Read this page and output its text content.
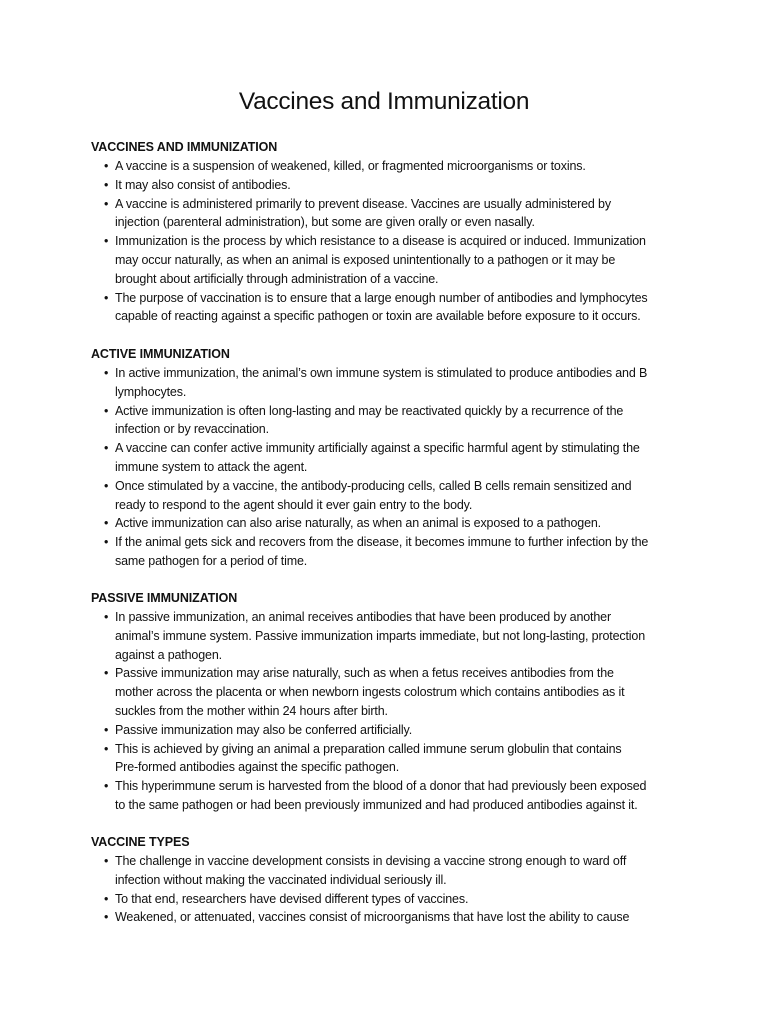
Vaccines and Immunization
VACCINES AND IMMUNIZATION
• A vaccine is a suspension of weakened, killed, or fragmented microorganisms or toxins.
• It may also consist of antibodies.
• A vaccine is administered primarily to prevent disease. Vaccines are usually administered by
injection (parenteral administration), but some are given orally or even nasally.
• Immunization is the process by which resistance to a disease is acquired or induced. Immunization
may occur naturally, as when an animal is exposed unintentionally to a pathogen or it may be
brought about artificially through administration of a vaccine.
• The purpose of vaccination is to ensure that a large enough number of antibodies and lymphocytes
capable of reacting against a specific pathogen or toxin are available before exposure to it occurs.
ACTIVE IMMUNIZATION
• In active immunization, the animal’s own immune system is stimulated to produce antibodies and B
lymphocytes.
• Active immunization is often long-lasting and may be reactivated quickly by a recurrence of the
infection or by revaccination.
• A vaccine can confer active immunity artificially against a specific harmful agent by stimulating the
immune system to attack the agent.
• Once stimulated by a vaccine, the antibody-producing cells, called B cells remain sensitized and
ready to respond to the agent should it ever gain entry to the body.
• Active immunization can also arise naturally, as when an animal is exposed to a pathogen.
• If the animal gets sick and recovers from the disease, it becomes immune to further infection by the
same pathogen for a period of time.
PASSIVE IMMUNIZATION
• In passive immunization, an animal receives antibodies that have been produced by another
animal’s immune system. Passive immunization imparts immediate, but not long-lasting, protection
against a pathogen.
• Passive immunization may arise naturally, such as when a fetus receives antibodies from the
mother across the placenta or when newborn ingests colostrum which contains antibodies as it
suckles from the mother within 24 hours after birth.
• Passive immunization may also be conferred artificially.
• This is achieved by giving an animal a preparation called immune serum globulin that contains
Pre-formed antibodies against the specific pathogen.
• This hyperimmune serum is harvested from the blood of a donor that had previously been exposed
to the same pathogen or had been previously immunized and had produced antibodies against it.
VACCINE TYPES
• The challenge in vaccine development consists in devising a vaccine strong enough to ward off
infection without making the vaccinated individual seriously ill.
• To that end, researchers have devised different types of vaccines.
• Weakened, or attenuated, vaccines consist of microorganisms that have lost the ability to cause
